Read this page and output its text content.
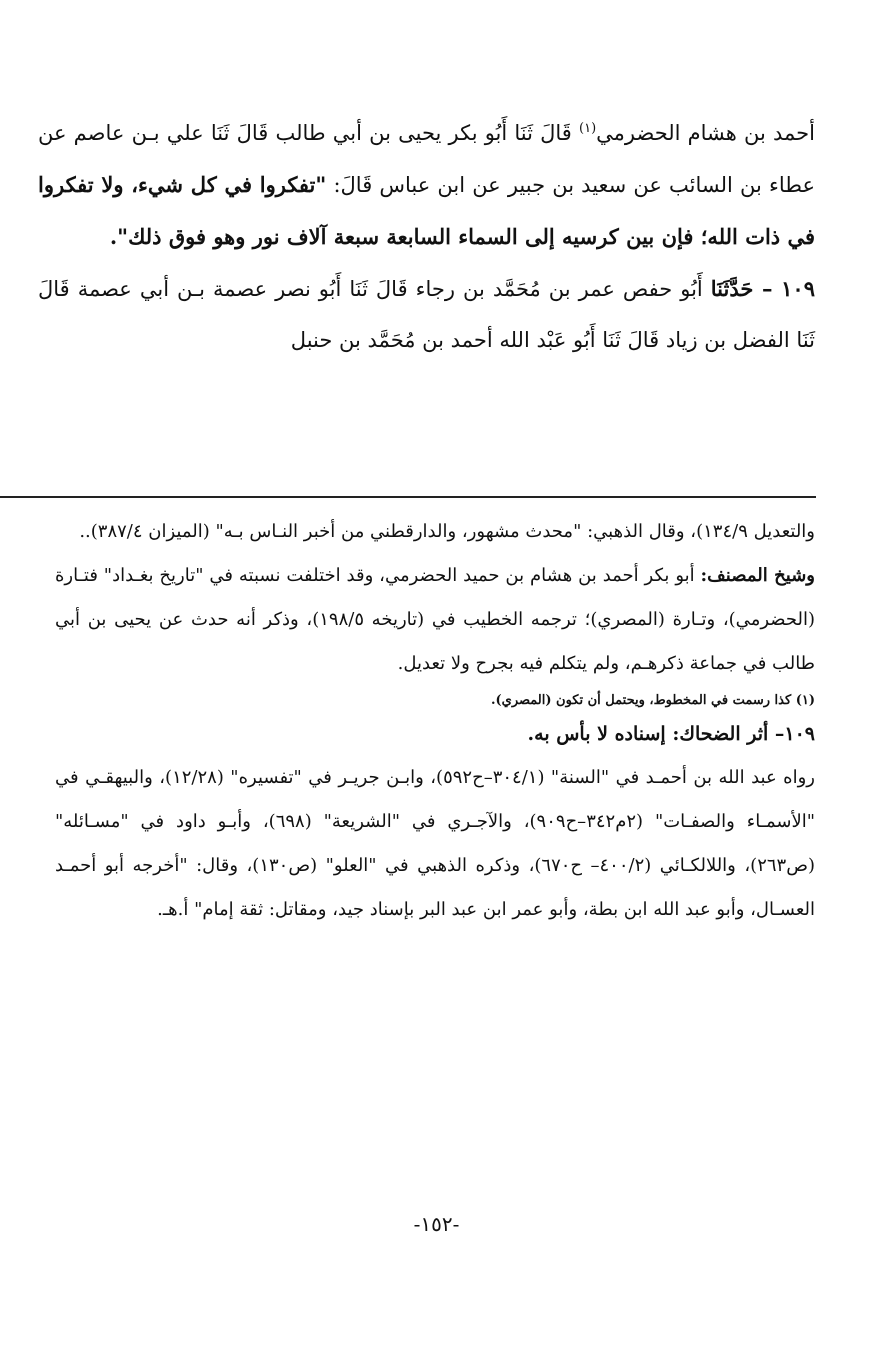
أحمد بن هشام الحضرمي$^{(١)}$ قَالَ ثَنَا أَبُو بكر يحيى بن أبي طالب قَالَ ثَنَا علي بـن عاصم عن عطاء بن السائب عن سعيد بن جبير عن ابن عباس قَالَ: "تفكروا في كل شيء، ولا تفكروا في ذات الله؛ فإن بين كرسيه إلى السماء السابعة سبعة آلاف نور وهو فوق ذلك".

١٠٩ – حَدَّثَنَا أَبُو حفص عمر بن مُحَمَّد بن رجاء قَالَ ثَنَا أَبُو نصر عصمة بـن أبي عصمة قَالَ ثَنَا الفضل بن زياد قَالَ ثَنَا أَبُو عَبْد الله أحمد بن مُحَمَّد بن حنبل

والتعديل ١٣٤/٩)، وقال الذهبي: "محدث مشهور، والدارقطني من أخبر النـاس بـه" (الميزان ٣٨٧/٤)..

وشيخ المصنف: أبو بكر أحمد بن هشام بن حميد الحضرمي، وقد اختلفت نسبته في "تاريخ بغـداد" فتـارة (الحضرمي)، وتـارة (المصري)؛ ترجمه الخطيب في (تاريخه ١٩٨/٥)، وذكر أنه حدث عن يحيى بن أبي طالب في جماعة ذكرهـم، ولم يتكلم فيه بجرح ولا تعديل.

(١) كذا رسمت في المخطوط، ويحتمل أن تكون (المصري).

١٠٩– أثر الضحاك: إسناده لا بأس به.

رواه عبد الله بن أحمـد في "السنة" (٣٠٤/١–ح٥٩٢)، وابـن جريـر في "تفسيره" (١٢/٢٨)، والبيهقـي في "الأسمـاء والصفـات" (٢م٣٤٢–ح٩٠٩)، والآجـري في "الشريعة" (٦٩٨)، وأبـو داود في "مسـائله" (ص٢٦٣)، واللالكـائي (٤٠٠/٢– ح٦٧٠)، وذكره الذهبي في "العلو" (ص١٣٠)، وقال: "أخرجه أبو أحمـد العسـال، وأبو عبد الله ابن بطة، وأبو عمر ابن عبد البر بإسناد جيد، ومقاتل: ثقة إمام" أ.هـ.

-١٥٢-
